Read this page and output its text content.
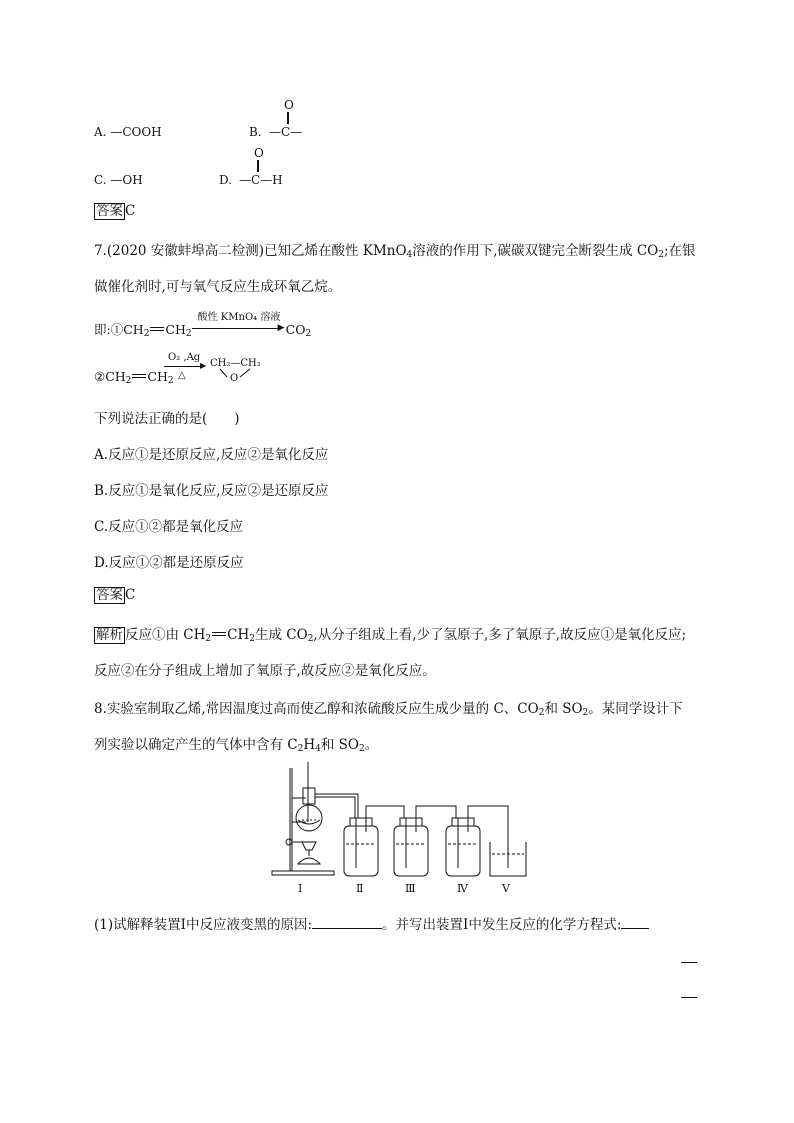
A. —COOH	B.
O
—C—
C. —OH	D.
O
—C—H
答案 C
7.(2020 安徽蚌埠高二检测)已知乙烯在酸性 KMnO$_4$溶液的作用下,碳碳双键完全断裂生成 $CO_2$;在银
做催化剂时,可与氧气反应生成环氧乙烷。
即$:①CH_2$ $CH_2$
酸性 KMnO₄ 溶液
▶ $CO_2$
$②CH_2$ $CH_2$
O₂ ,Ag
▶
△
CH₂—CH₂
O
下列说法正确的是(　　)
A.反应①是还原反应,反应②是氧化反应
B.反应①是氧化反应,反应②是还原反应
C.反应①②都是氧化反应
D.反应①②都是还原反应
答案 C
解析 反应①由 $CH_2$ $CH_2$生成 $CO_2$,从分子组成上看,少了氢原子,多了氧原子,故反应①是氧化反应;
反应②在分子组成上增加了氧原子,故反应②是氧化反应。
8.实验室制取乙烯,常因温度过高而使乙醇和浓硫酸反应生成少量的 C、$CO_2$和 $SO_2$。某同学设计下
列实验以确定产生的气体中含有 $C_2H_4$和 $SO_2$。
Ⅰ	Ⅱ	Ⅲ	Ⅳ	Ⅴ
(1)试解释装置Ⅰ中反应液变黑的原因:	。并写出装置Ⅰ中发生反应的化学方程式:
